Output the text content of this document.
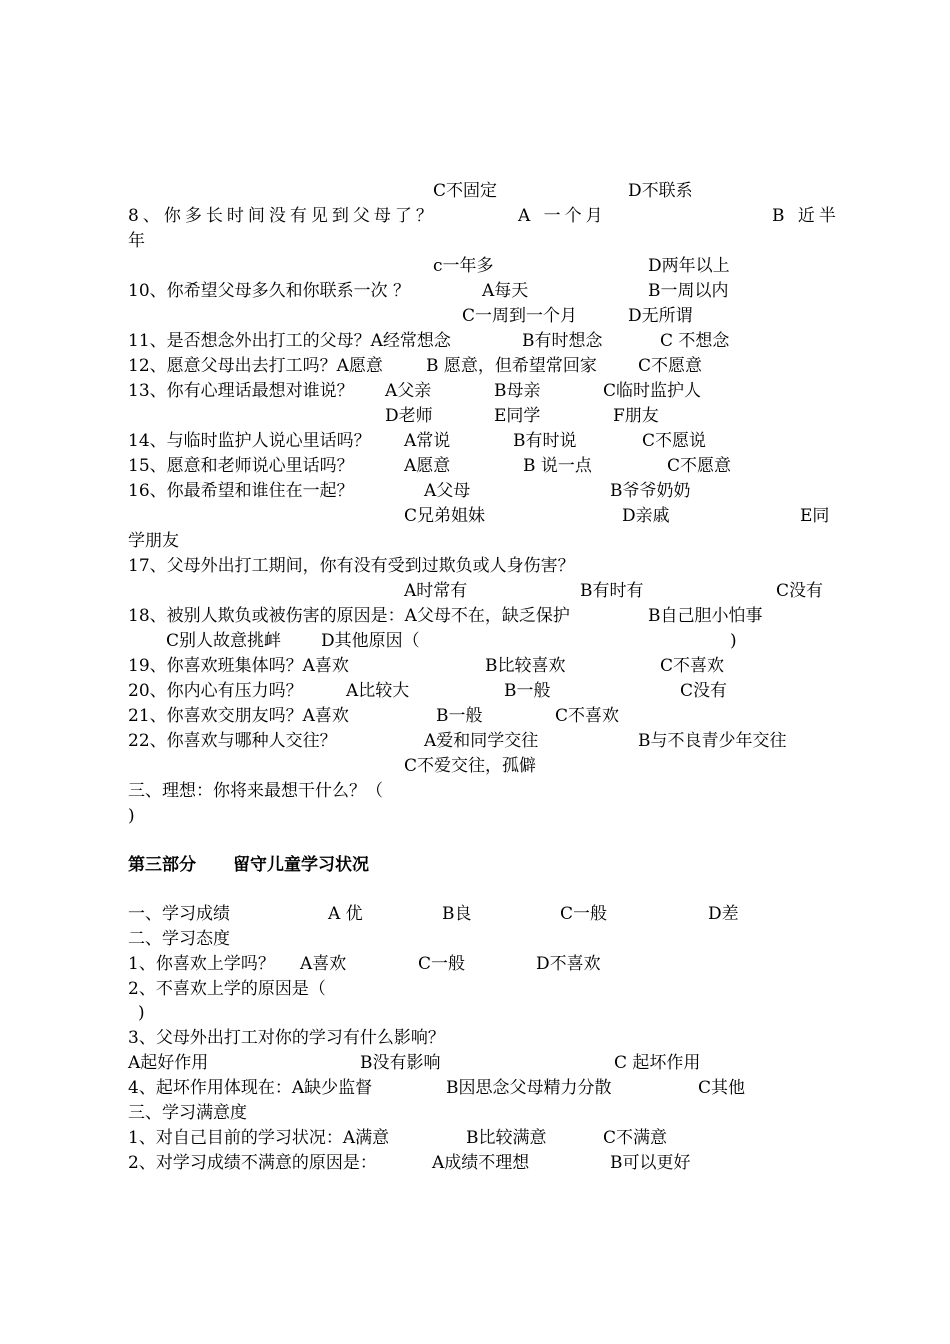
C不固定	D不联系
8、你多长时间没有见到父母了？	A 一个月	B 近半
年
c一年多	D两年以上
10、你希望父母多久和你联系一次 ？	A每天	B一周以内
C一周到一个月	D无所谓
11、是否想念外出打工的父母？A经常想念	B有时想念	C 不想念
12、愿意父母出去打工吗？A愿意	B 愿意，但希望常回家 C不愿意
13、你有心理话最想对谁说？ A父亲	B母亲	C临时监护人
D老师	E同学	F朋友
14、与临时监护人说心里话吗？ A常说	B有时说	C不愿说
15、愿意和老师说心里话吗？	A愿意	B 说一点	C不愿意
16、你最希望和谁住在一起？	A父母	B爷爷奶奶
C兄弟姐妹	D亲戚	E同
学朋友
17、父母外出打工期间，你有没有受到过欺负或人身伤害？
A时常有	B有时有	C没有
18、被别人欺负或被伤害的原因是：A父母不在，缺乏保护	B自己胆小怕事
C别人故意挑衅 D其他原因（	)
19、你喜欢班集体吗？A喜欢	B比较喜欢	C不喜欢
20、你内心有压力吗？	A比较大	B一般	C没有
21、你喜欢交朋友吗？A喜欢	B一般	C不喜欢
22、你喜欢与哪种人交往？	A爱和同学交往	B与不良青少年交往
C不爱交往，孤僻
三、理想：你将来最想干什么？（
)
第三部分 留守儿童学习状况
一、学习成绩	A 优	B良	C一般	D差
二、学习态度
1、你喜欢上学吗？ A喜欢	C一般	D不喜欢
2、不喜欢上学的原因是（
)
3、父母外出打工对你的学习有什么影响？
A起好作用	B没有影响	C 起坏作用
4、起坏作用体现在：A缺少监督	B因思念父母精力分散	C其他
三、学习满意度
1、对自己目前的学习状况：A满意	B比较满意	C不满意
2、对学习成绩不满意的原因是：	A成绩不理想	B可以更好
